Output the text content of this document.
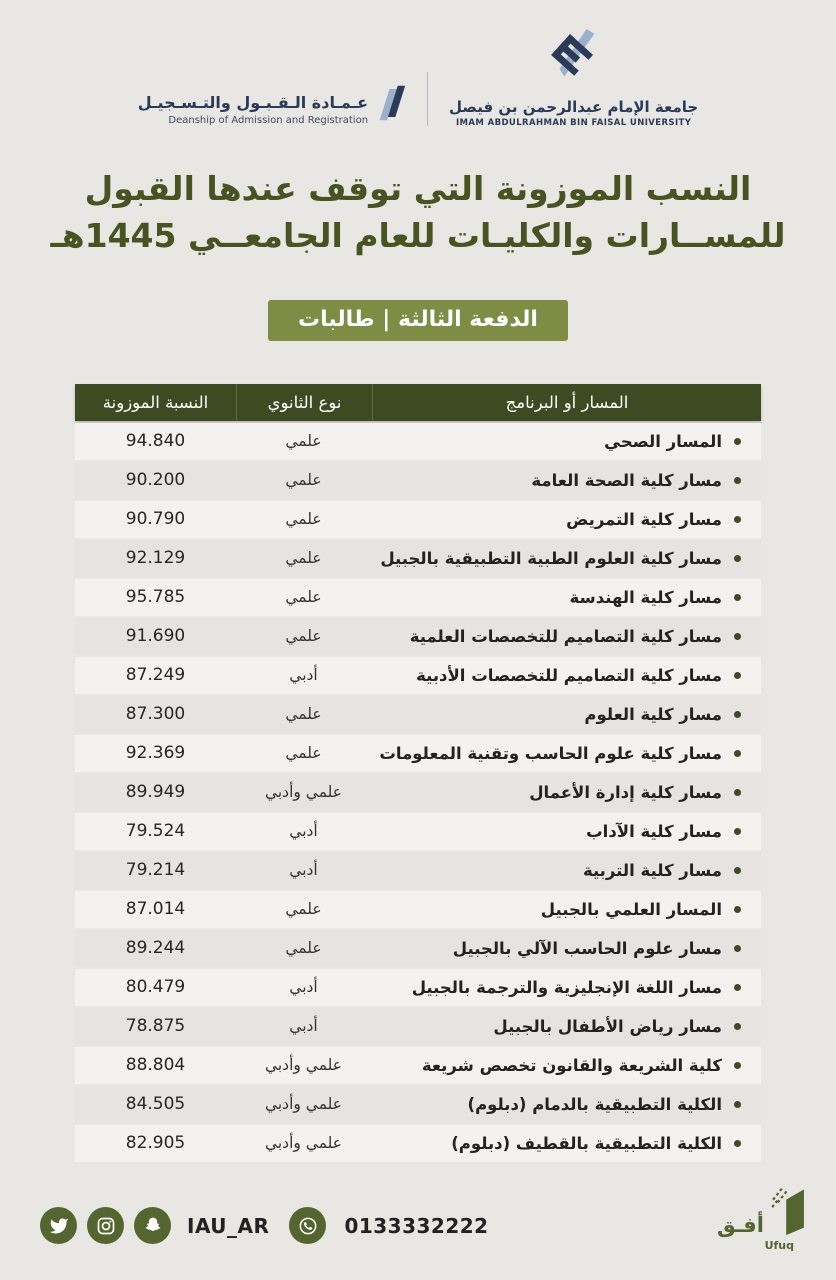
عـمـادة الـقـبـول والتـسـجيـل
Deanship of Admission and Registration
جامعة الإمام عبدالرحمن بن فيصل
IMAM ABDULRAHMAN BIN FAISAL UNIVERSITY
النسب الموزونة التي توقف عندها القبول
للمســارات والكليـات للعام الجامعــي 1445هـ
الدفعة الثالثة | طالبات
المسار أو البرنامج
نوع الثانوي
النسبة الموزونة
المسار الصحي
علمي
94.840
مسار كلية الصحة العامة
علمي
90.200
مسار كلية التمريض
علمي
90.790
مسار كلية العلوم الطبية التطبيقية بالجبيل
علمي
92.129
مسار كلية الهندسة
علمي
95.785
مسار كلية التصاميم للتخصصات العلمية
علمي
91.690
مسار كلية التصاميم للتخصصات الأدبية
أدبي
87.249
مسار كلية العلوم
علمي
87.300
مسار كلية علوم الحاسب وتقنية المعلومات
علمي
92.369
مسار كلية إدارة الأعمال
علمي وأدبي
89.949
مسار كلية الآداب
أدبي
79.524
مسار كلية التربية
أدبي
79.214
المسار العلمي بالجبيل
علمي
87.014
مسار علوم الحاسب الآلي بالجبيل
علمي
89.244
مسار اللغة الإنجليزية والترجمة بالجبيل
أدبي
80.479
مسار رياض الأطفال بالجبيل
أدبي
78.875
كلية الشريعة والقانون تخصص شريعة
علمي وأدبي
88.804
الكلية التطبيقية بالدمام (دبلوم)
علمي وأدبي
84.505
الكلية التطبيقية بالقطيف (دبلوم)
علمي وأدبي
82.905
IAU_AR	0133332222	أفـق
Ufuq
